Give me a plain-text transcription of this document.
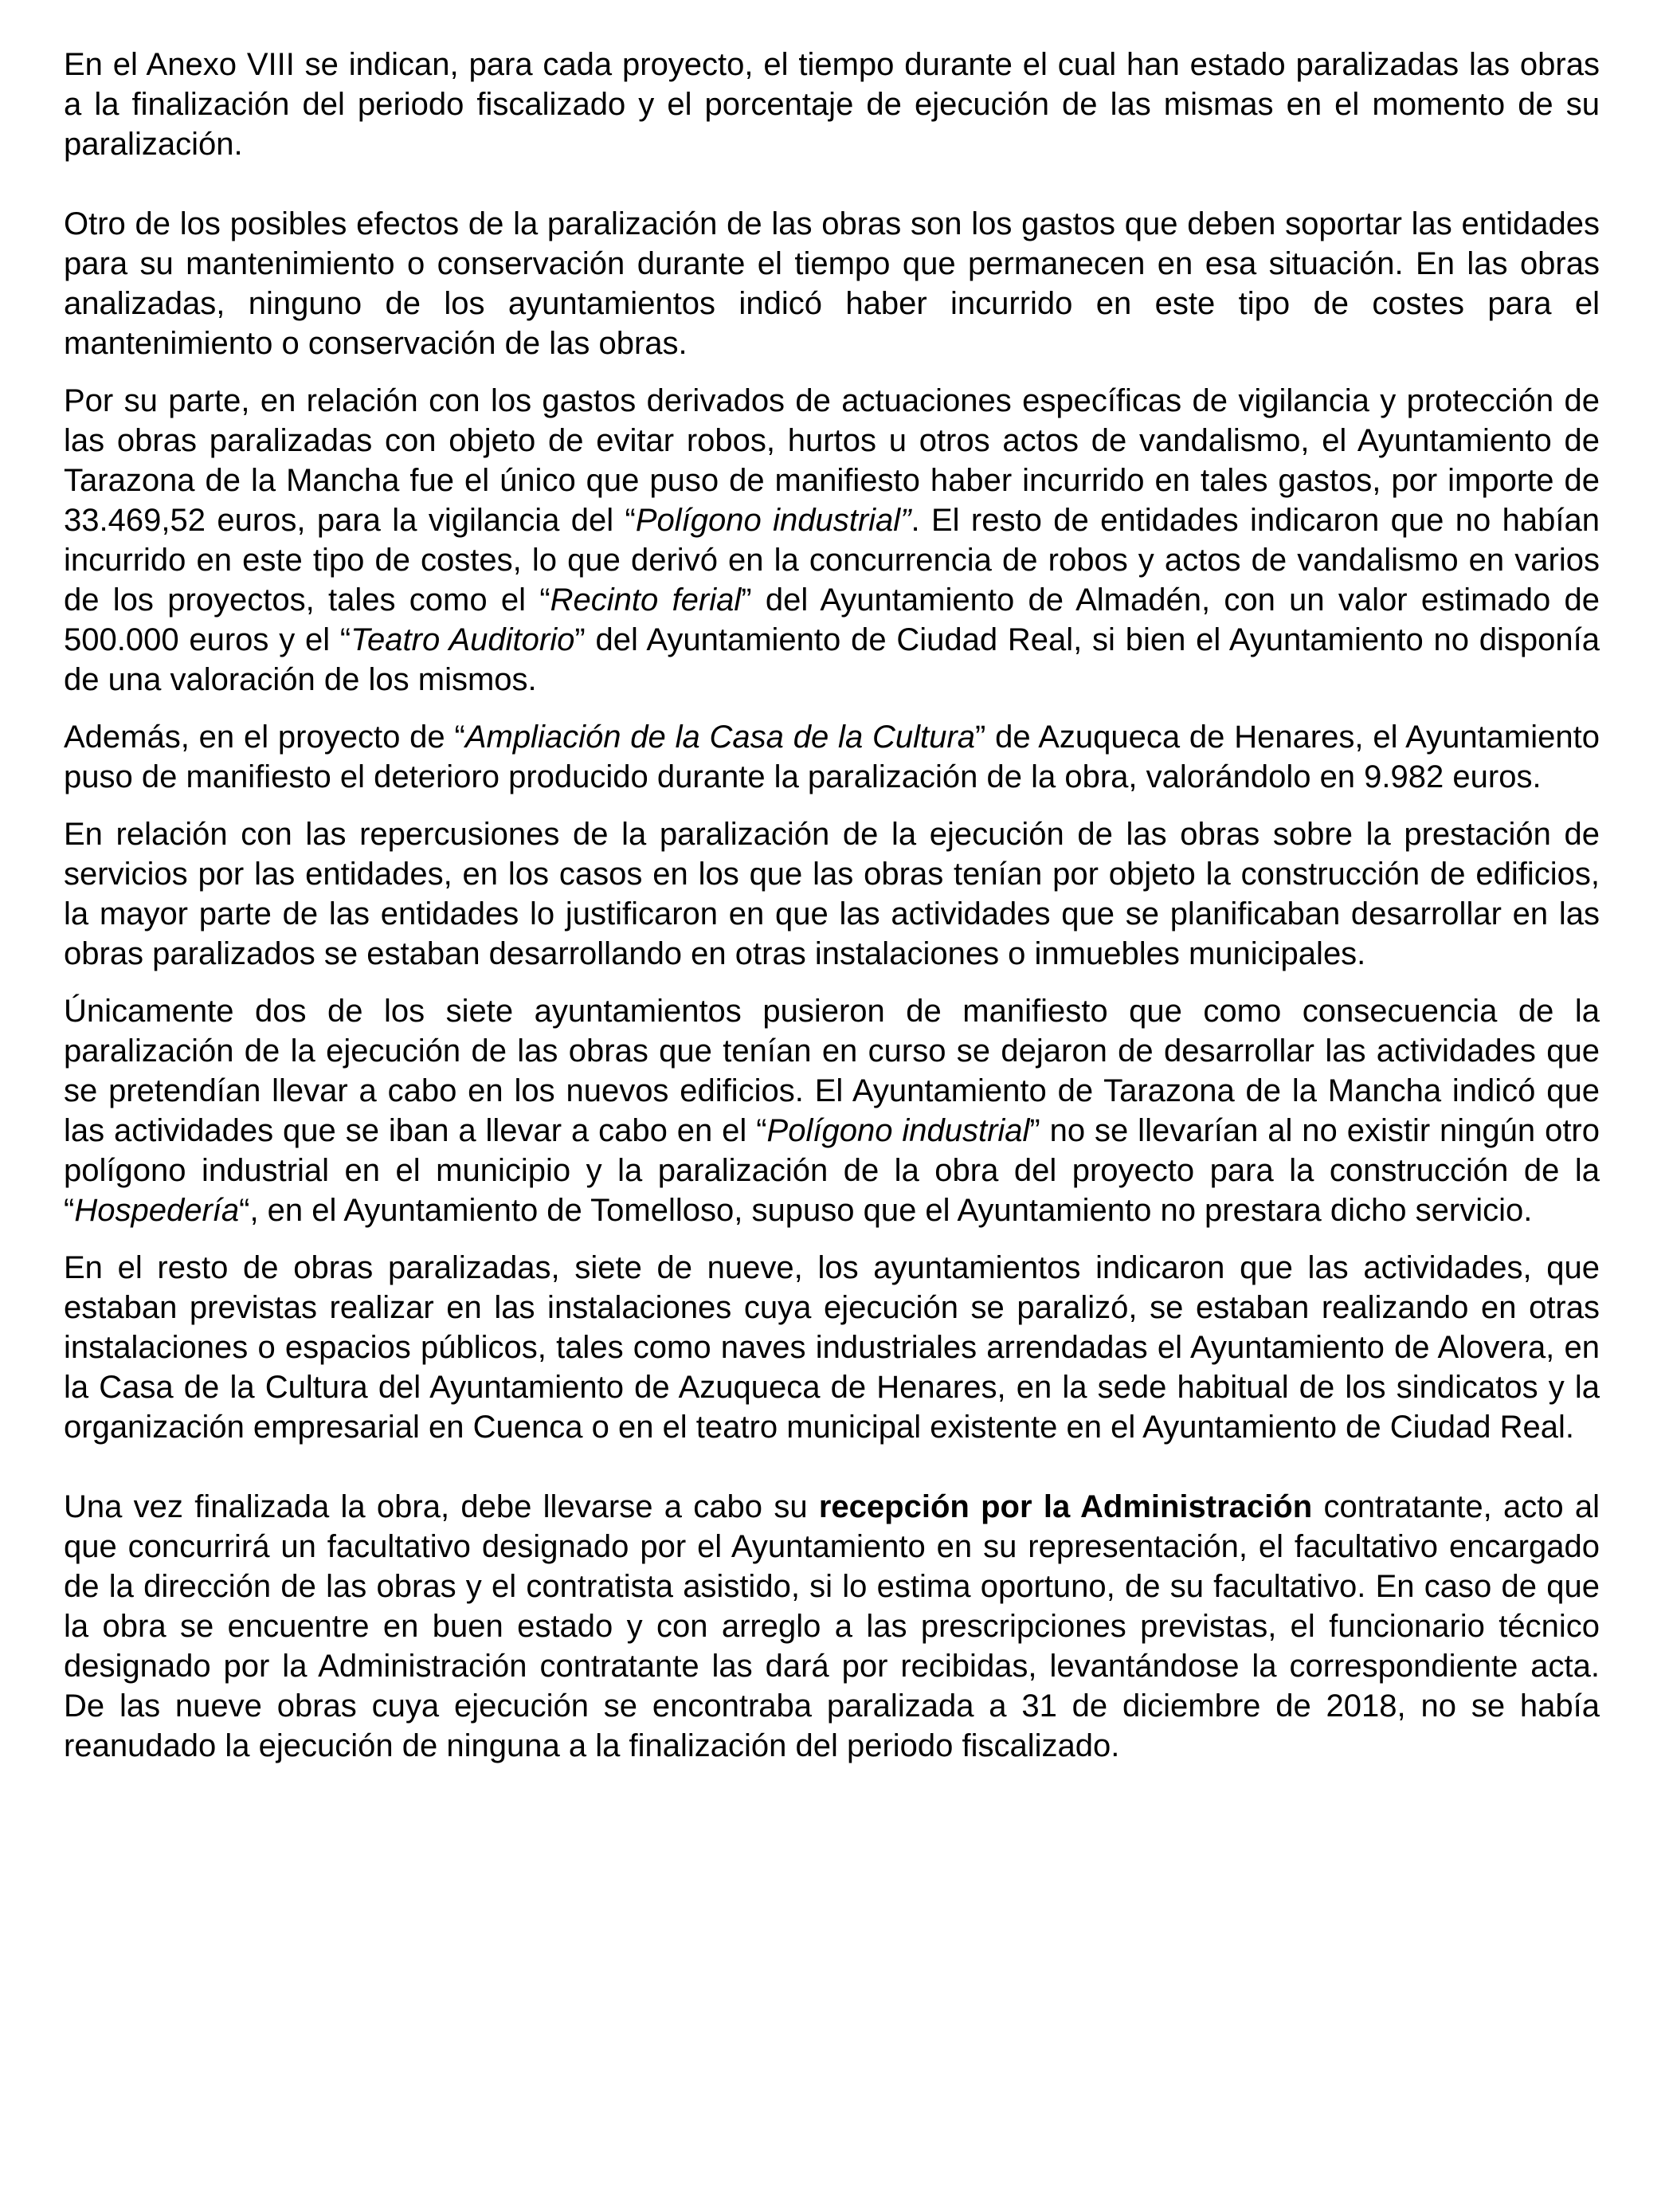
En el Anexo VIII se indican, para cada proyecto, el tiempo durante el cual han estado paralizadas las obras a la finalización del periodo fiscalizado y el porcentaje de ejecución de las mismas en el momento de su paralización.

Otro de los posibles efectos de la paralización de las obras son los gastos que deben soportar las entidades para su mantenimiento o conservación durante el tiempo que permanecen en esa situación. En las obras analizadas, ninguno de los ayuntamientos indicó haber incurrido en este tipo de costes para el mantenimiento o conservación de las obras.

Por su parte, en relación con los gastos derivados de actuaciones específicas de vigilancia y protección de las obras paralizadas con objeto de evitar robos, hurtos u otros actos de vandalismo, el Ayuntamiento de Tarazona de la Mancha fue el único que puso de manifiesto haber incurrido en tales gastos, por importe de 33.469,52 euros, para la vigilancia del “Polígono industrial”. El resto de entidades indicaron que no habían incurrido en este tipo de costes, lo que derivó en la concurrencia de robos y actos de vandalismo en varios de los proyectos, tales como el “Recinto ferial” del Ayuntamiento de Almadén, con un valor estimado de 500.000 euros y el “Teatro Auditorio” del Ayuntamiento de Ciudad Real, si bien el Ayuntamiento no disponía de una valoración de los mismos.

Además, en el proyecto de “Ampliación de la Casa de la Cultura” de Azuqueca de Henares, el Ayuntamiento puso de manifiesto el deterioro producido durante la paralización de la obra, valorándolo en 9.982 euros.

En relación con las repercusiones de la paralización de la ejecución de las obras sobre la prestación de servicios por las entidades, en los casos en los que las obras tenían por objeto la construcción de edificios, la mayor parte de las entidades lo justificaron en que las actividades que se planificaban desarrollar en las obras paralizados se estaban desarrollando en otras instalaciones o inmuebles municipales.

Únicamente dos de los siete ayuntamientos pusieron de manifiesto que como consecuencia de la paralización de la ejecución de las obras que tenían en curso se dejaron de desarrollar las actividades que se pretendían llevar a cabo en los nuevos edificios. El Ayuntamiento de Tarazona de la Mancha indicó que las actividades que se iban a llevar a cabo en el “Polígono industrial” no se llevarían al no existir ningún otro polígono industrial en el municipio y la paralización de la obra del proyecto para la construcción de la “Hospedería“, en el Ayuntamiento de Tomelloso, supuso que el Ayuntamiento no prestara dicho servicio.

En el resto de obras paralizadas, siete de nueve, los ayuntamientos indicaron que las actividades, que estaban previstas realizar en las instalaciones cuya ejecución se paralizó, se estaban realizando en otras instalaciones o espacios públicos, tales como naves industriales arrendadas el Ayuntamiento de Alovera, en la Casa de la Cultura del Ayuntamiento de Azuqueca de Henares, en la sede habitual de los sindicatos y la organización empresarial en Cuenca o en el teatro municipal existente en el Ayuntamiento de Ciudad Real.

Una vez finalizada la obra, debe llevarse a cabo su recepción por la Administración contratante, acto al que concurrirá un facultativo designado por el Ayuntamiento en su representación, el facultativo encargado de la dirección de las obras y el contratista asistido, si lo estima oportuno, de su facultativo. En caso de que la obra se encuentre en buen estado y con arreglo a las prescripciones previstas, el funcionario técnico designado por la Administración contratante las dará por recibidas, levantándose la correspondiente acta. De las nueve obras cuya ejecución se encontraba paralizada a 31 de diciembre de 2018, no se había reanudado la ejecución de ninguna a la finalización del periodo fiscalizado.
